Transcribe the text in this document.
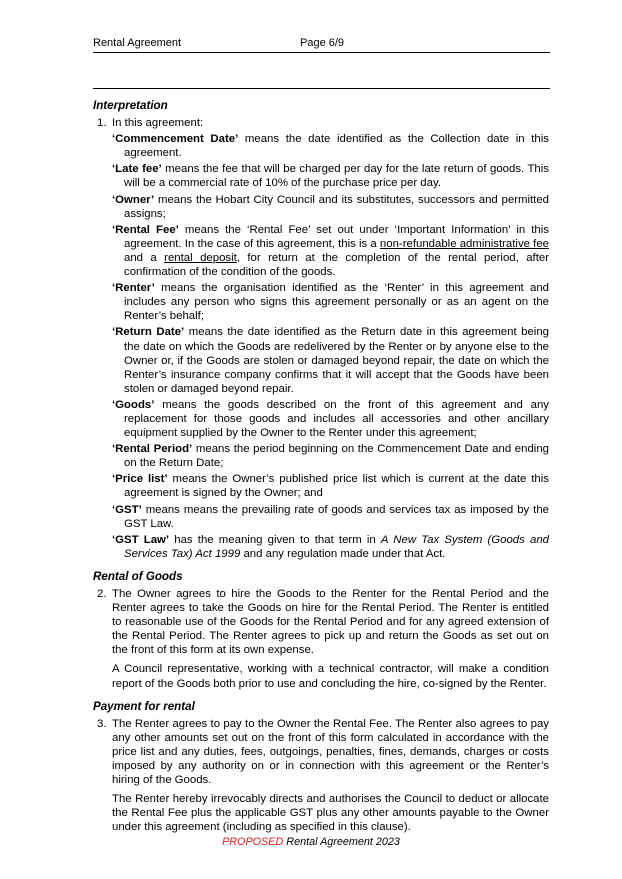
Rental Agreement	Page 6/9
Interpretation

1. In this agreement:

‘Commencement Date’ means the date identified as the Collection date in this agreement.

‘Late fee’ means the fee that will be charged per day for the late return of goods. This will be a commercial rate of 10% of the purchase price per day.

‘Owner’ means the Hobart City Council and its substitutes, successors and permitted assigns;

‘Rental Fee’ means the ‘Rental Fee’ set out under ‘Important Information’ in this agreement. In the case of this agreement, this is a non-refundable administrative fee and a rental deposit, for return at the completion of the rental period, after confirmation of the condition of the goods.

‘Renter’ means the organisation identified as the ‘Renter’ in this agreement and includes any person who signs this agreement personally or as an agent on the Renter’s behalf;

‘Return Date’ means the date identified as the Return date in this agreement being the date on which the Goods are redelivered by the Renter or by anyone else to the Owner or, if the Goods are stolen or damaged beyond repair, the date on which the Renter’s insurance company confirms that it will accept that the Goods have been stolen or damaged beyond repair.

‘Goods’ means the goods described on the front of this agreement and any replacement for those goods and includes all accessories and other ancillary equipment supplied by the Owner to the Renter under this agreement;

‘Rental Period’ means the period beginning on the Commencement Date and ending on the Return Date;

‘Price list’ means the Owner’s published price list which is current at the date this agreement is signed by the Owner; and

‘GST’ means means the prevailing rate of goods and services tax as imposed by the GST Law.

‘GST Law’ has the meaning given to that term in A New Tax System (Goods and Services Tax) Act 1999 and any regulation made under that Act.

Rental of Goods

2. The Owner agrees to hire the Goods to the Renter for the Rental Period and the Renter agrees to take the Goods on hire for the Rental Period. The Renter is entitled to reasonable use of the Goods for the Rental Period and for any agreed extension of the Rental Period. The Renter agrees to pick up and return the Goods as set out on the front of this form at its own expense.

A Council representative, working with a technical contractor, will make a condition report of the Goods both prior to use and concluding the hire, co-signed by the Renter.

Payment for rental

3. The Renter agrees to pay to the Owner the Rental Fee. The Renter also agrees to pay any other amounts set out on the front of this form calculated in accordance with the price list and any duties, fees, outgoings, penalties, fines, demands, charges or costs imposed by any authority on or in connection with this agreement or the Renter’s hiring of the Goods.

The Renter hereby irrevocably directs and authorises the Council to deduct or allocate the Rental Fee plus the applicable GST plus any other amounts payable to the Owner under this agreement (including as specified in this clause).

PROPOSED Rental Agreement 2023
